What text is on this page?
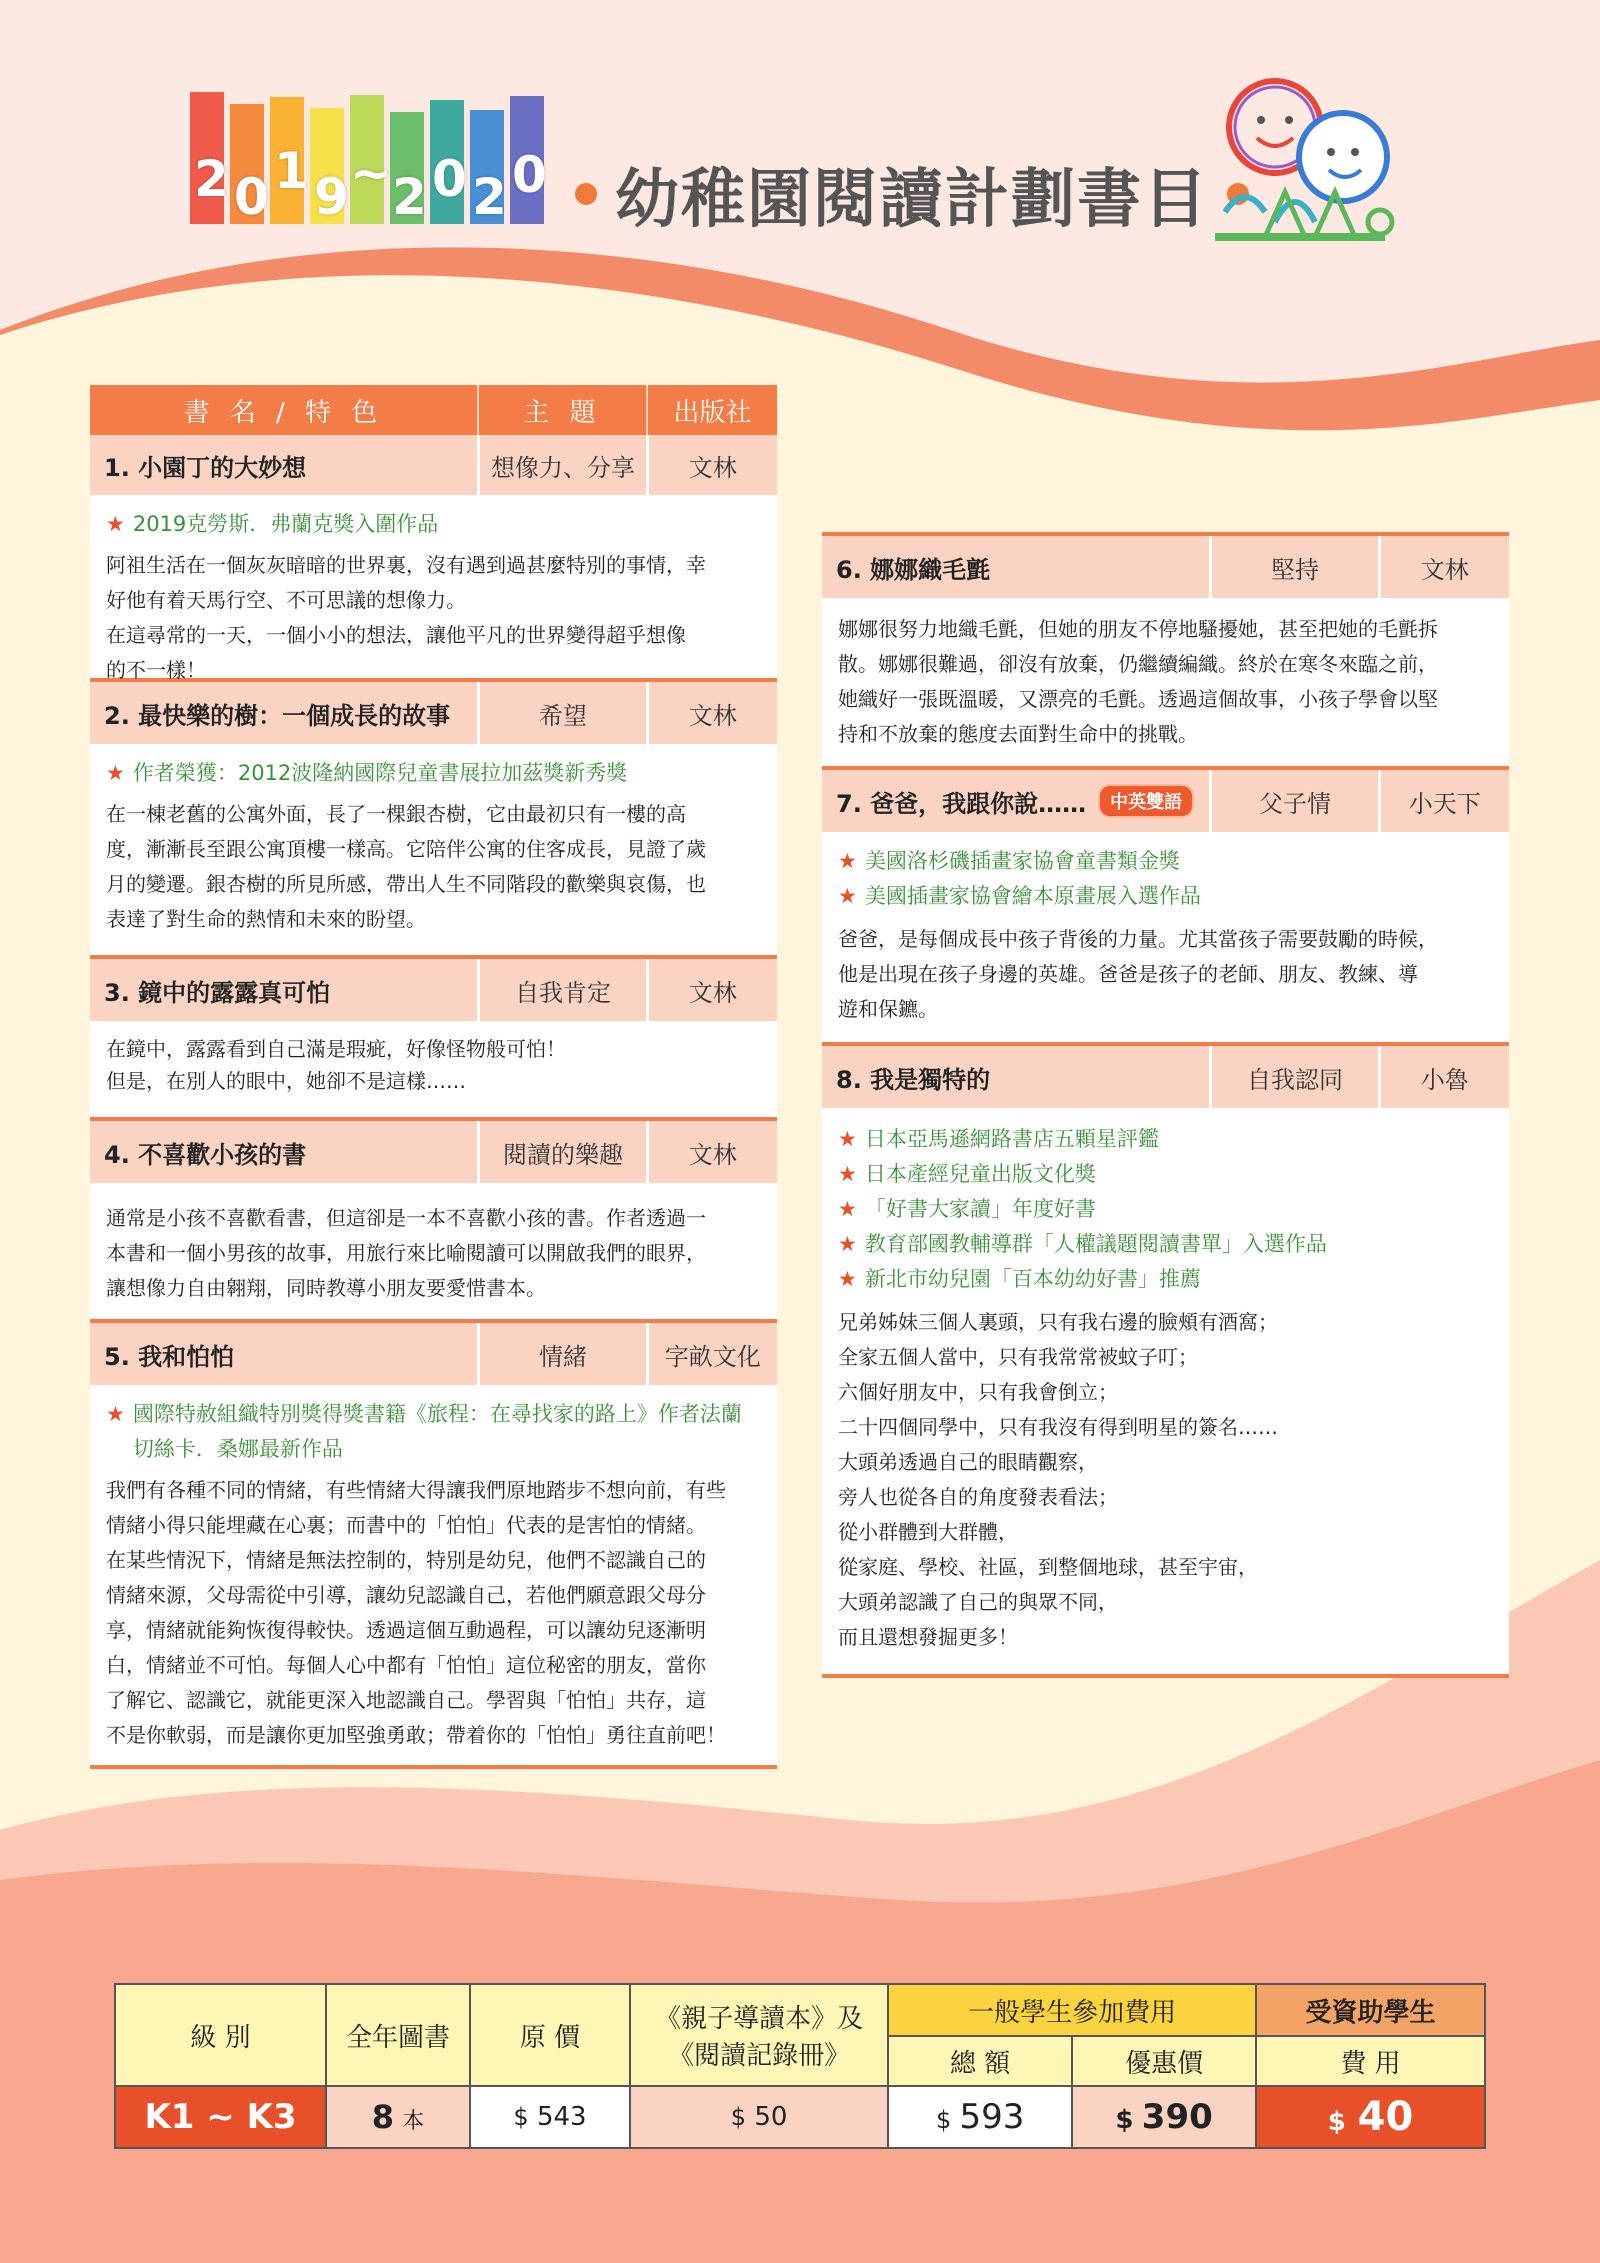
2 0 1 9 ~ 2 0 2 0 幼稚園閱讀計劃書目
書 名 / 特 色	主 題	出版社
1. 小園丁的大妙想	想像力、分享	文林
★ 2019克勞斯．弗蘭克獎入圍作品
阿祖生活在一個灰灰暗暗的世界裏，沒有遇到過甚麼特別的事情，幸
好他有着天馬行空、不可思議的想像力。
在這尋常的一天，一個小小的想法，讓他平凡的世界變得超乎想像
的不一樣！
2. 最快樂的樹：一個成長的故事	希望	文林
★ 作者榮獲：2012波隆納國際兒童書展拉加茲獎新秀獎
在一棟老舊的公寓外面，長了一棵銀杏樹，它由最初只有一樓的高
度，漸漸長至跟公寓頂樓一樣高。它陪伴公寓的住客成長，見證了歲
月的變遷。銀杏樹的所見所感，帶出人生不同階段的歡樂與哀傷，也
表達了對生命的熱情和未來的盼望。
3. 鏡中的露露真可怕	自我肯定	文林
在鏡中，露露看到自己滿是瑕疵，好像怪物般可怕！
但是，在別人的眼中，她卻不是這樣……
4. 不喜歡小孩的書	閱讀的樂趣	文林
通常是小孩不喜歡看書，但這卻是一本不喜歡小孩的書。作者透過一
本書和一個小男孩的故事，用旅行來比喻閱讀可以開啟我們的眼界，
讓想像力自由翱翔，同時教導小朋友要愛惜書本。
5. 我和怕怕	情緒	字畝文化
★ 國際特赦組織特別獎得獎書籍《旅程：在尋找家的路上》作者法蘭
切絲卡．桑娜最新作品
我們有各種不同的情緒，有些情緒大得讓我們原地踏步不想向前，有些
情緒小得只能埋藏在心裏；而書中的「怕怕」代表的是害怕的情緒。
在某些情況下，情緒是無法控制的，特別是幼兒，他們不認識自己的
情緒來源，父母需從中引導，讓幼兒認識自己，若他們願意跟父母分
享，情緒就能夠恢復得較快。透過這個互動過程，可以讓幼兒逐漸明
白，情緒並不可怕。每個人心中都有「怕怕」這位秘密的朋友，當你
了解它、認識它，就能更深入地認識自己。學習與「怕怕」共存，這
不是你軟弱，而是讓你更加堅強勇敢；帶着你的「怕怕」勇往直前吧！
6. 娜娜織毛氈	堅持	文林
娜娜很努力地織毛氈，但她的朋友不停地騷擾她，甚至把她的毛氈拆
散。娜娜很難過，卻沒有放棄，仍繼續編織。終於在寒冬來臨之前，
她織好一張既溫暖，又漂亮的毛氈。透過這個故事，小孩子學會以堅
持和不放棄的態度去面對生命中的挑戰。
7. 爸爸，我跟你說……	中英雙語	父子情	小天下
★ 美國洛杉磯插畫家協會童書類金獎
★ 美國插畫家協會繪本原畫展入選作品
爸爸，是每個成長中孩子背後的力量。尤其當孩子需要鼓勵的時候，
他是出現在孩子身邊的英雄。爸爸是孩子的老師、朋友、教練、導
遊和保鑣。
8. 我是獨特的	自我認同	小魯
★ 日本亞馬遜網路書店五顆星評鑑
★ 日本產經兒童出版文化獎
★ 「好書大家讀」年度好書
★ 教育部國教輔導群「人權議題閱讀書單」入選作品
★ 新北市幼兒園「百本幼幼好書」推薦
兄弟姊妹三個人裏頭，只有我右邊的臉頰有酒窩；
全家五個人當中，只有我常常被蚊子叮；
六個好朋友中，只有我會倒立；
二十四個同學中，只有我沒有得到明星的簽名……
大頭弟透過自己的眼睛觀察，
旁人也從各自的角度發表看法；
從小群體到大群體，
從家庭、學校、社區，到整個地球，甚至宇宙，
大頭弟認識了自己的與眾不同，
而且還想發掘更多！
級 別	全年圖書	原 價	《親子導讀本》及
《閱讀記錄冊》	一般學生參加費用		受資助學生
				總 額	優惠價	費 用
K1 ~ K3	8 本	$ 543	$ 50	$ 593	$ 390	$ 40
